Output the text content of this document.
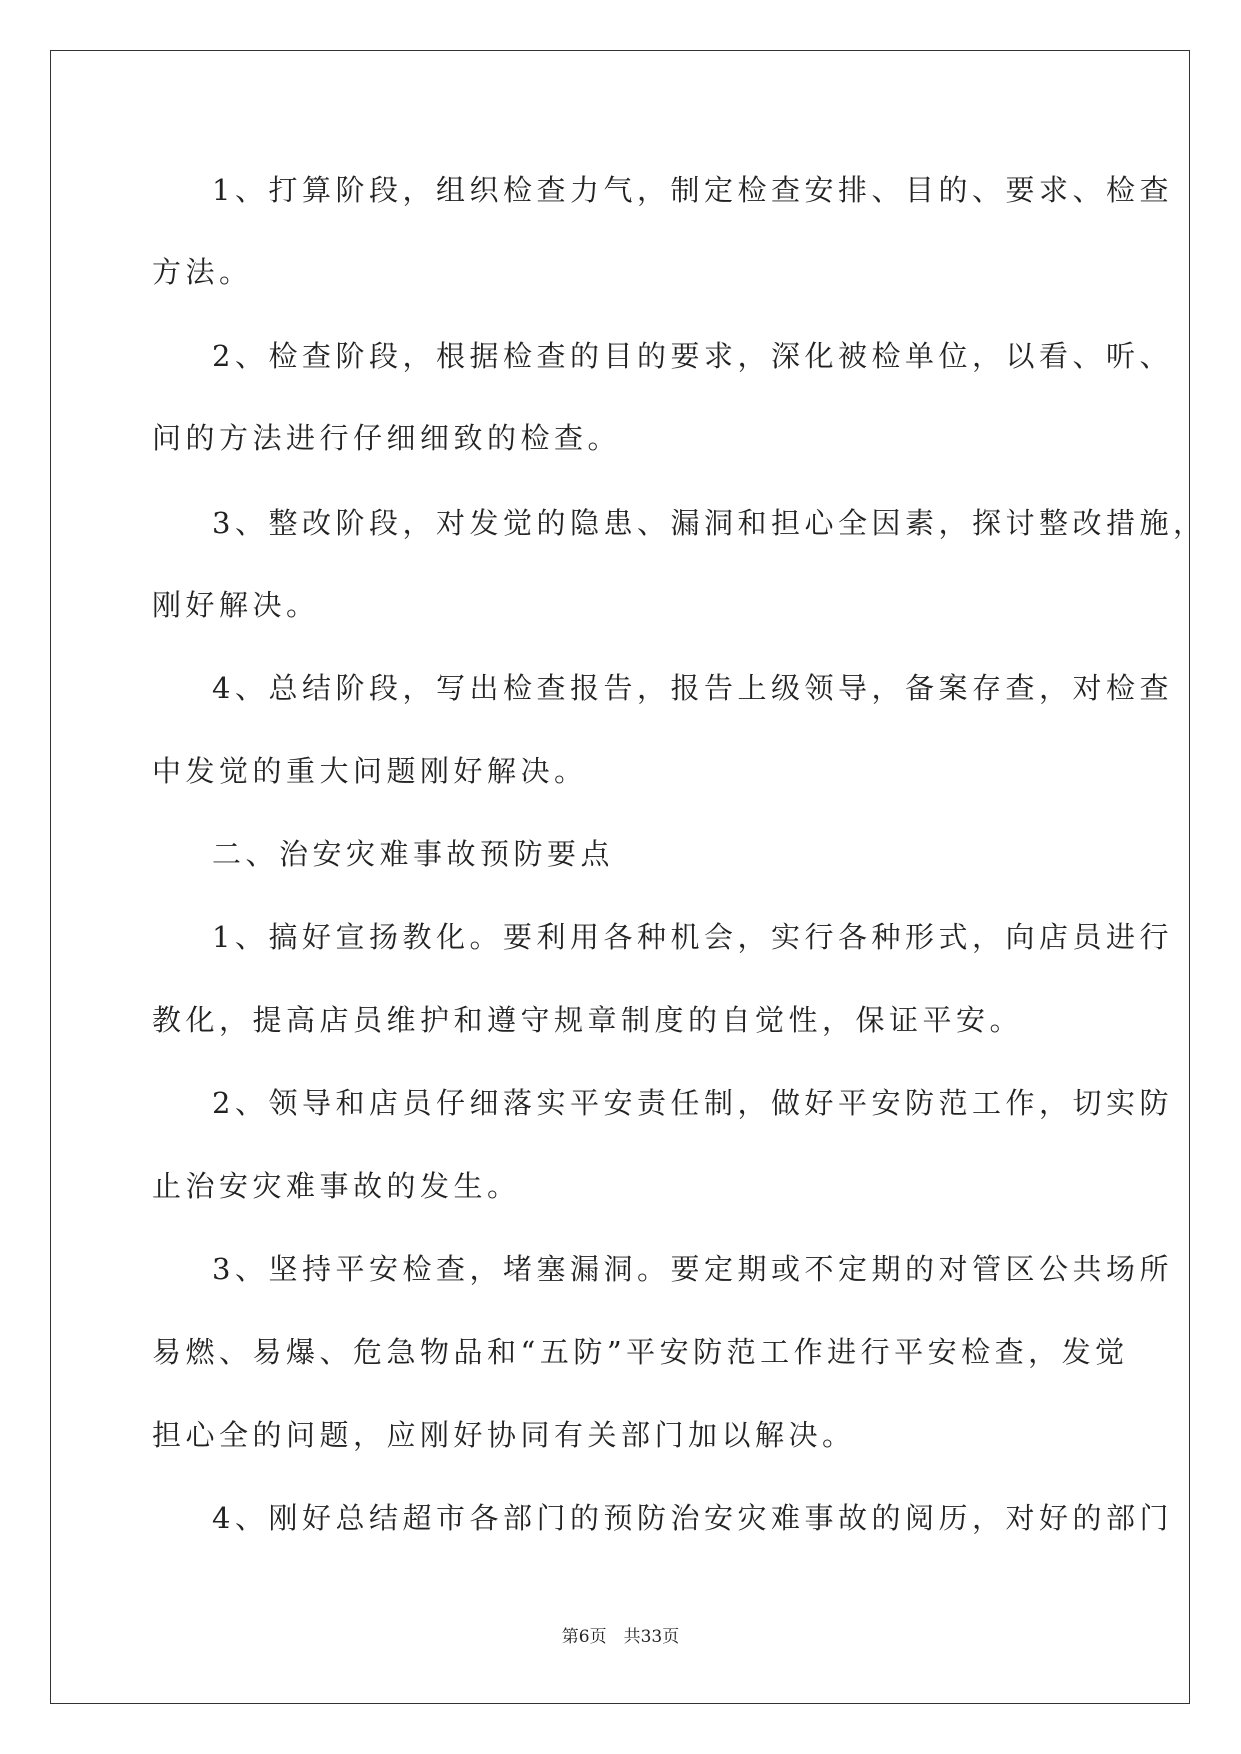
1、打算阶段，组织检查力气，制定检查安排、目的、要求、检查
方法。
2、检查阶段，根据检查的目的要求，深化被检单位，以看、听、
问的方法进行仔细细致的检查。
3、整改阶段，对发觉的隐患、漏洞和担心全因素，探讨整改措施，
刚好解决。
4、总结阶段，写出检查报告，报告上级领导，备案存查，对检查
中发觉的重大问题刚好解决。
二、治安灾难事故预防要点
1、搞好宣扬教化。要利用各种机会，实行各种形式，向店员进行
教化，提高店员维护和遵守规章制度的自觉性，保证平安。
2、领导和店员仔细落实平安责任制，做好平安防范工作，切实防
止治安灾难事故的发生。
3、坚持平安检查，堵塞漏洞。要定期或不定期的对管区公共场所
易燃、易爆、危急物品和“五防”平安防范工作进行平安检查，发觉
担心全的问题，应刚好协同有关部门加以解决。
4、刚好总结超市各部门的预防治安灾难事故的阅历，对好的部门
第6页　共33页
